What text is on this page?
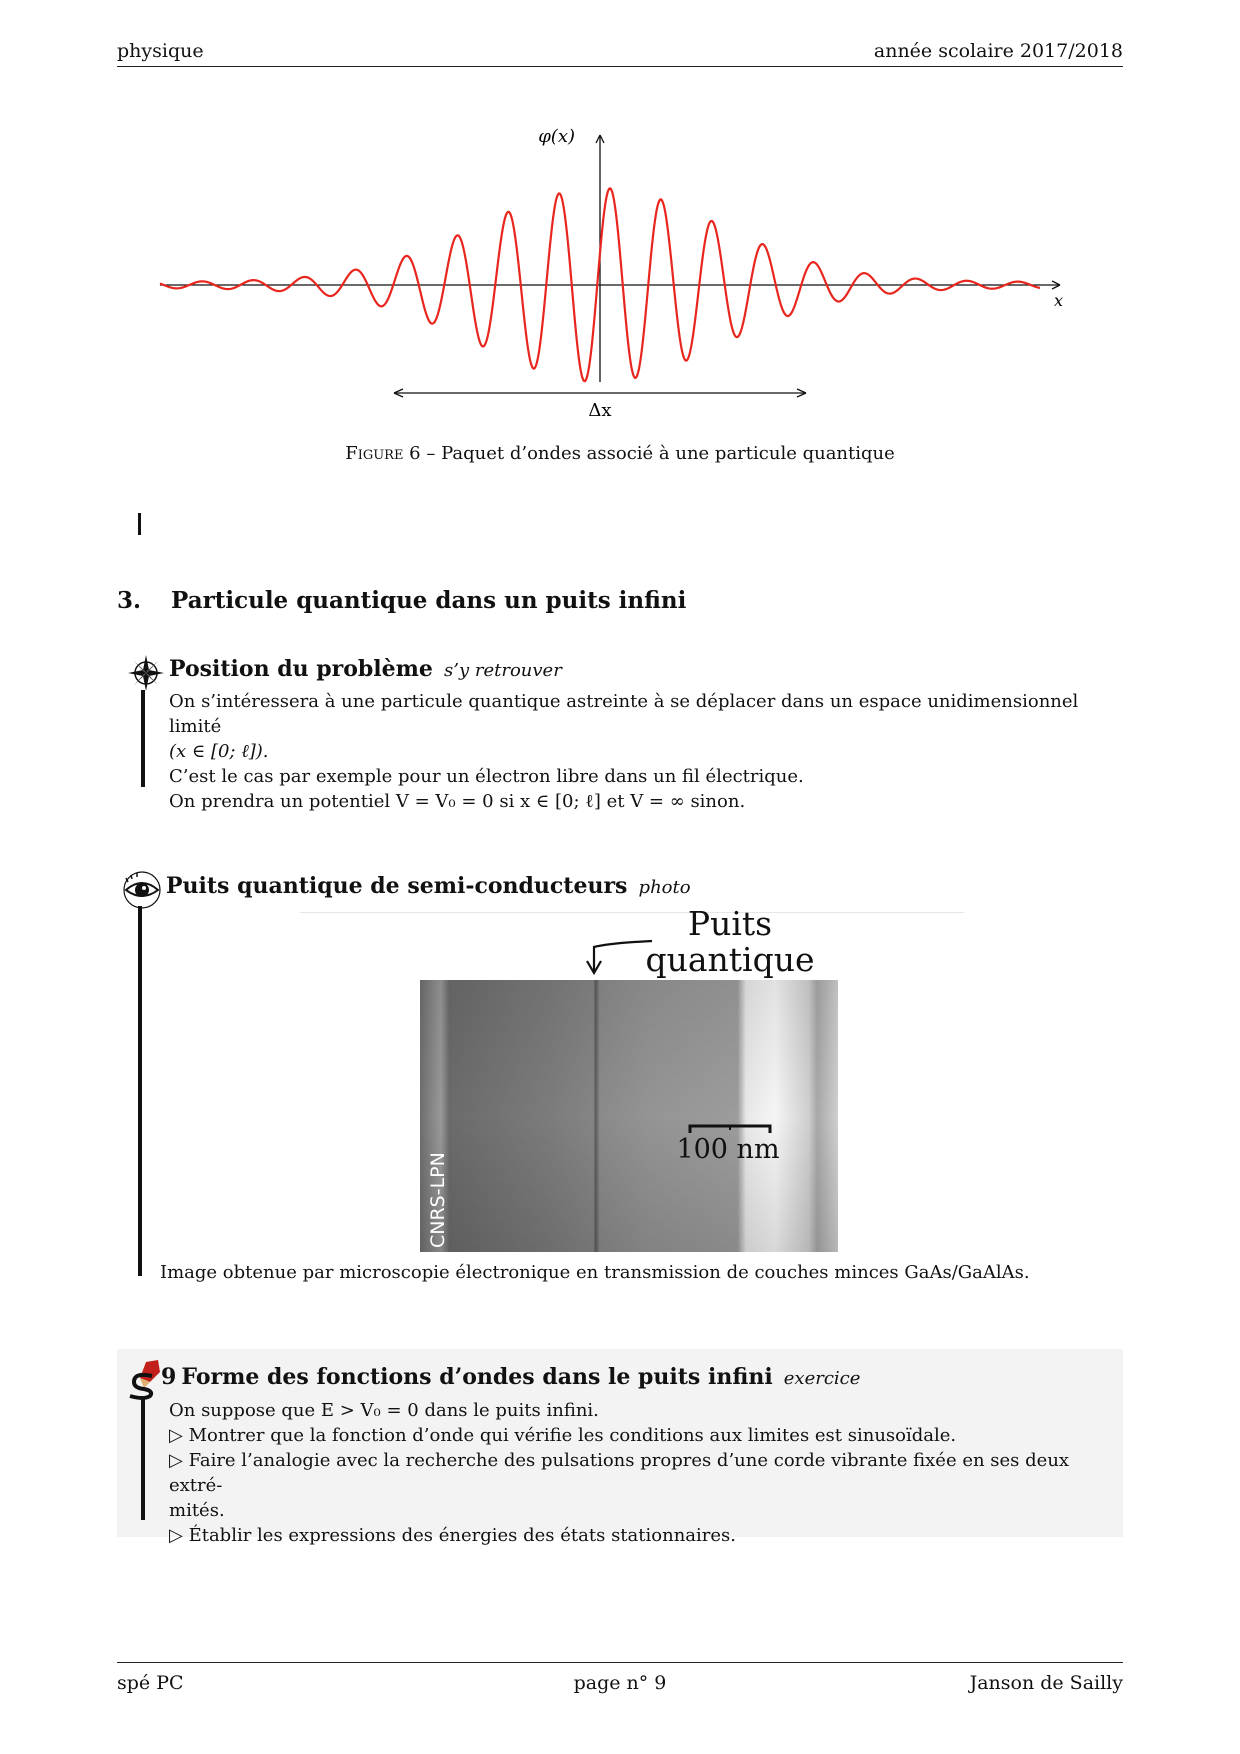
physique	année scolaire 2017/2018
φ(x)
x
Δx
Figure 6 – Paquet d’ondes associé à une particule quantique
3. Particule quantique dans un puits infini
Position du problème s’y retrouver
On s’intéressera à une particule quantique astreinte à se déplacer dans un espace unidimensionnel limité
(x ∈ [0; ℓ]).
C’est le cas par exemple pour un électron libre dans un fil électrique.
On prendra un potentiel V = V₀ = 0 si x ∈ [0; ℓ] et V = ∞ sinon.
Puits quantique de semi-conducteurs photo
Puits
quantique
100 nm
CNRS-LPN
Image obtenue par microscopie électronique en transmission de couches minces GaAs/GaAlAs.
9 Forme des fonctions d’ondes dans le puits infini exercice
On suppose que E > V₀ = 0 dans le puits infini.
▷ Montrer que la fonction d’onde qui vérifie les conditions aux limites est sinusoïdale.
▷ Faire l’analogie avec la recherche des pulsations propres d’une corde vibrante fixée en ses deux extré-
mités.
▷ Établir les expressions des énergies des états stationnaires.
spé PC	page n° 9	Janson de Sailly
